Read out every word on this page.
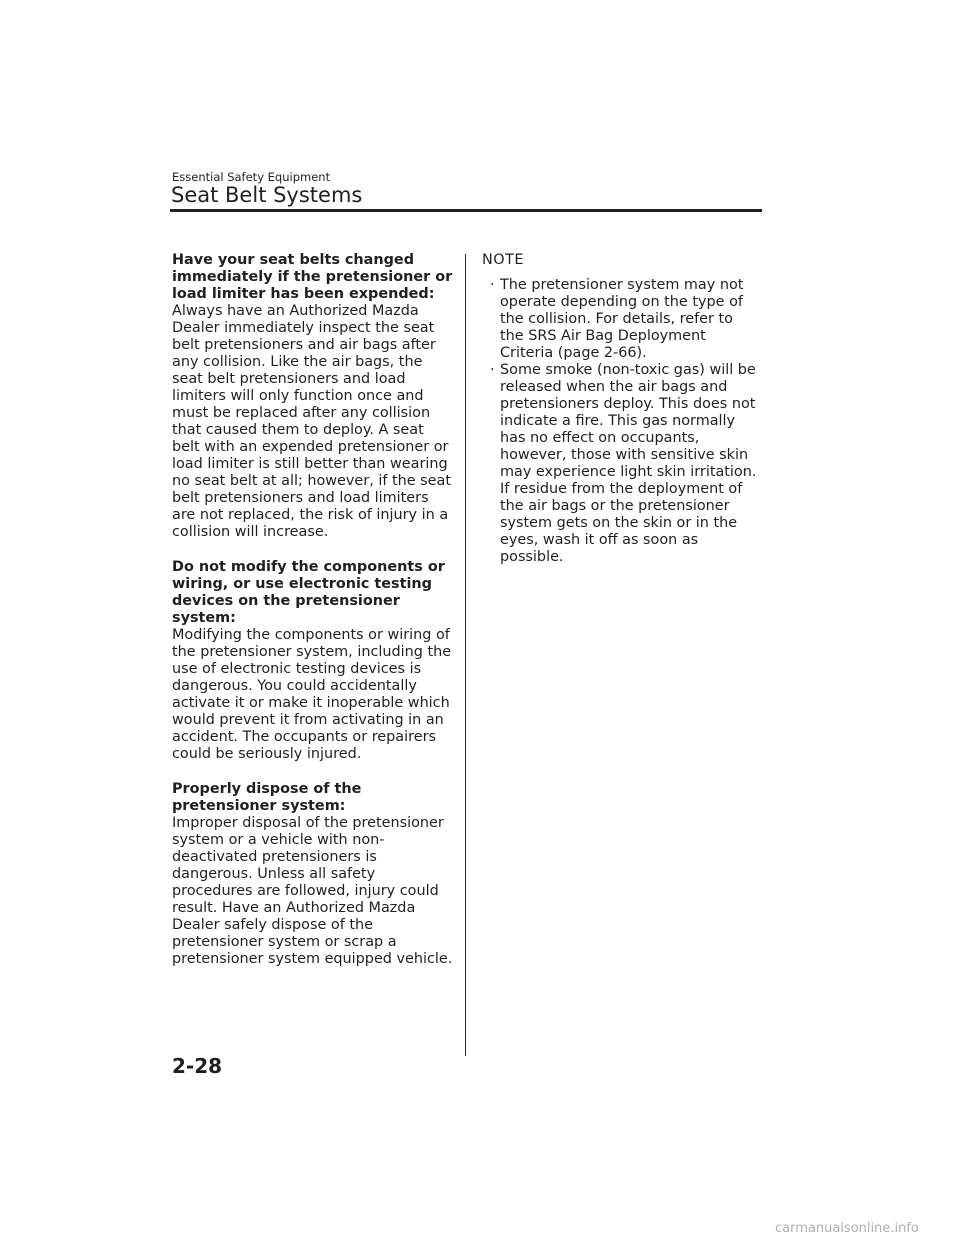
Essential Safety Equipment
Seat Belt Systems

Have your seat belts changed immediately if the pretensioner or load limiter has been expended:
Always have an Authorized Mazda Dealer immediately inspect the seat belt pretensioners and air bags after any collision. Like the air bags, the seat belt pretensioners and load limiters will only function once and must be replaced after any collision that caused them to deploy. A seat belt with an expended pretensioner or load limiter is still better than wearing no seat belt at all; however, if the seat belt pretensioners and load limiters are not replaced, the risk of injury in a collision will increase.

Do not modify the components or wiring, or use electronic testing devices on the pretensioner system:
Modifying the components or wiring of the pretensioner system, including the use of electronic testing devices is dangerous. You could accidentally activate it or make it inoperable which would prevent it from activating in an accident. The occupants or repairers could be seriously injured.

Properly dispose of the pretensioner system:
Improper disposal of the pretensioner system or a vehicle with non-deactivated pretensioners is dangerous. Unless all safety procedures are followed, injury could result. Have an Authorized Mazda Dealer safely dispose of the pretensioner system or scrap a pretensioner system equipped vehicle.

NOTE
· The pretensioner system may not operate depending on the type of the collision. For details, refer to the SRS Air Bag Deployment Criteria (page 2-66).
· Some smoke (non-toxic gas) will be released when the air bags and pretensioners deploy. This does not indicate a fire. This gas normally has no effect on occupants, however, those with sensitive skin may experience light skin irritation. If residue from the deployment of the air bags or the pretensioner system gets on the skin or in the eyes, wash it off as soon as possible.
2-28
carmanualsonline.info
